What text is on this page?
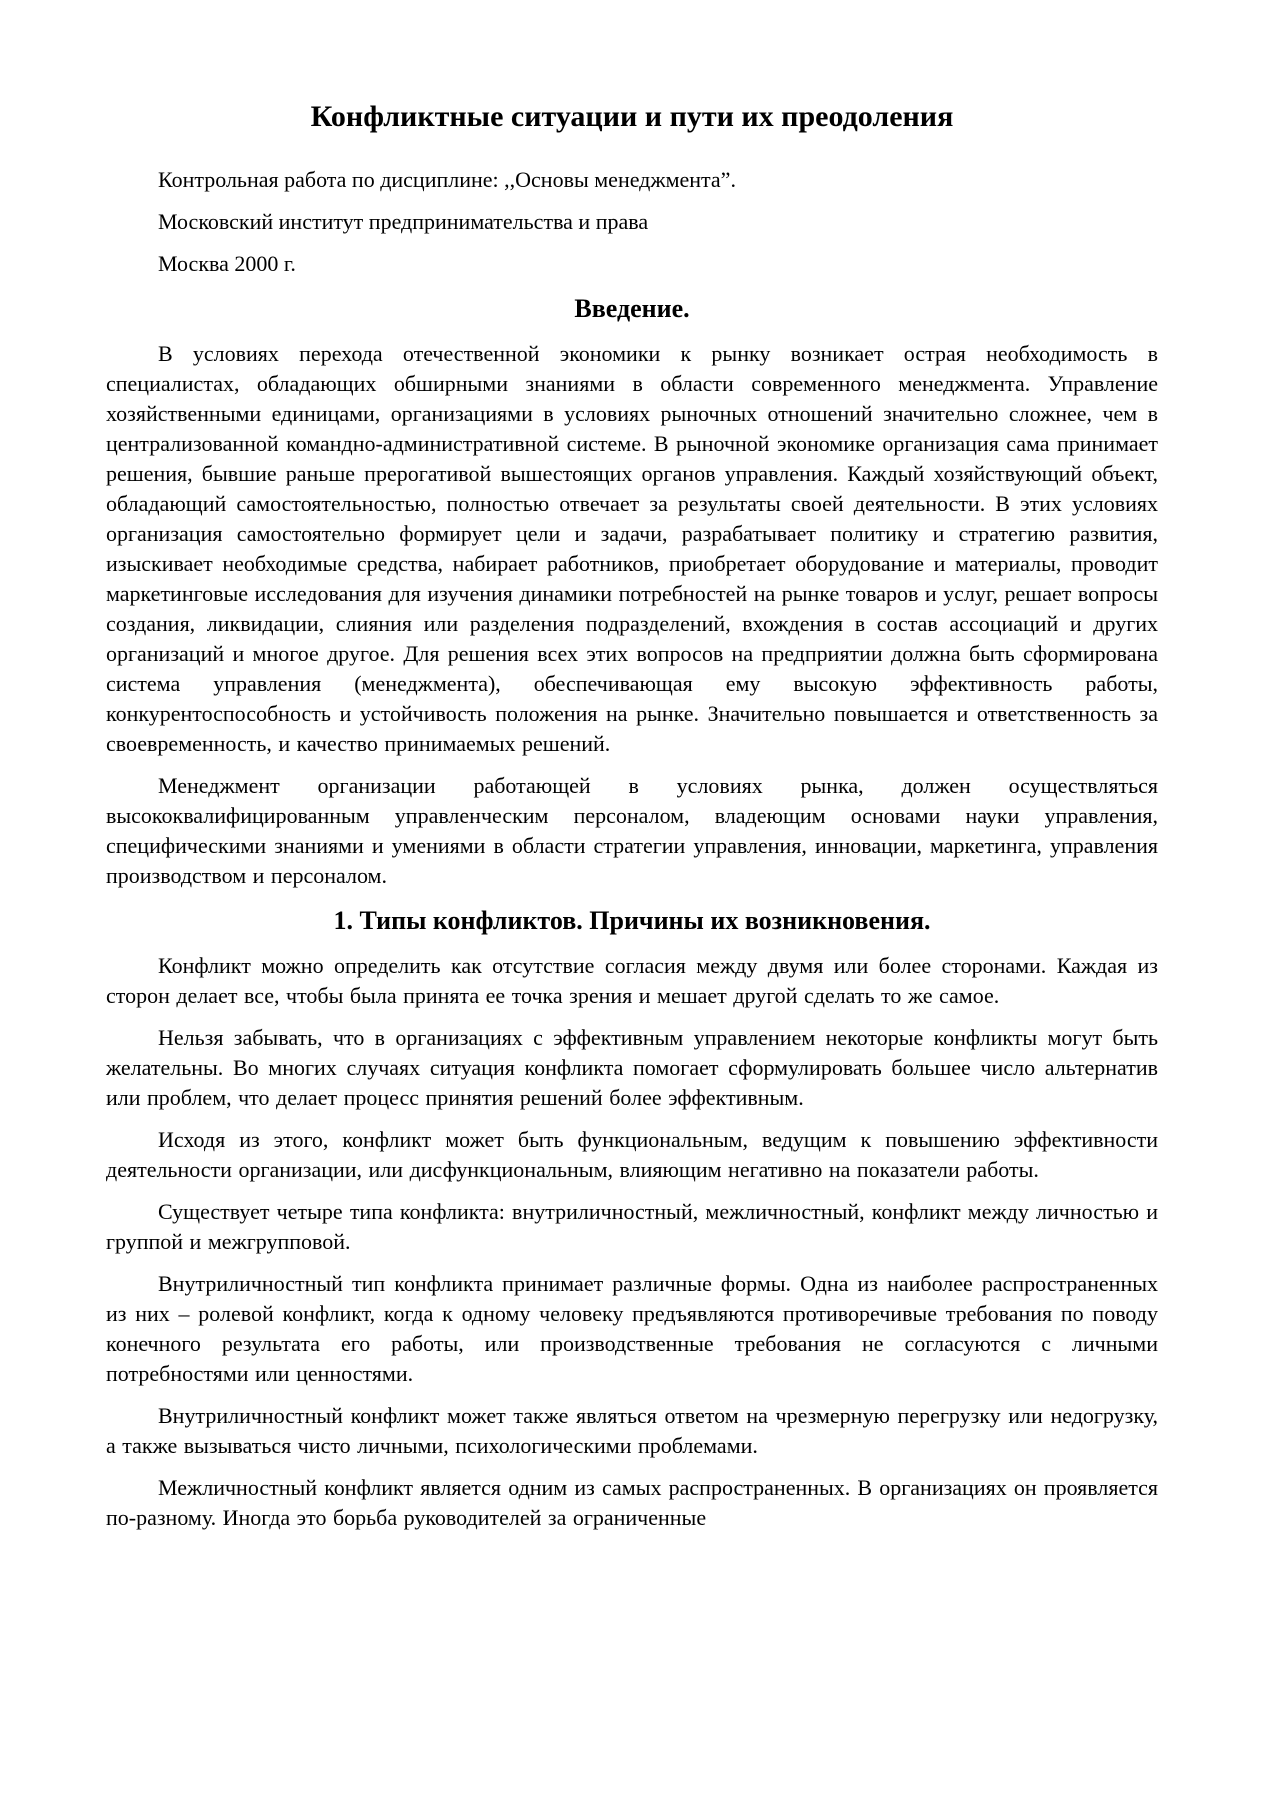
Конфликтные ситуации и пути их преодоления

Контрольная работа по дисциплине: ,,Основы менеджмента”.

Московский институт предпринимательства и права

Москва 2000 г.

Введение.

В условиях перехода отечественной экономики к рынку возникает острая необходимость в специалистах, обладающих обширными знаниями в области современного менеджмента. Управление хозяйственными единицами, организациями в условиях рыночных отношений значительно сложнее, чем в централизованной командно-административной системе. В рыночной экономике организация сама принимает решения, бывшие раньше прерогативой вышестоящих органов управления. Каждый хозяйствующий объект, обладающий самостоятельностью, полностью отвечает за результаты своей деятельности. В этих условиях организация самостоятельно формирует цели и задачи, разрабатывает политику и стратегию развития, изыскивает необходимые средства, набирает работников, приобретает оборудование и материалы, проводит маркетинговые исследования для изучения динамики потребностей на рынке товаров и услуг, решает вопросы создания, ликвидации, слияния или разделения подразделений, вхождения в состав ассоциаций и других организаций и многое другое. Для решения всех этих вопросов на предприятии должна быть сформирована система управления (менеджмента), обеспечивающая ему высокую эффективность работы, конкурентоспособность и устойчивость положения на рынке. Значительно повышается и ответственность за своевременность, и качество принимаемых решений.

Менеджмент организации работающей в условиях рынка, должен осуществляться высококвалифицированным управленческим персоналом, владеющим основами науки управления, специфическими знаниями и умениями в области стратегии управления, инновации, маркетинга, управления производством и персоналом.

1. Типы конфликтов. Причины их возникновения.

Конфликт можно определить как отсутствие согласия между двумя или более сторонами. Каждая из сторон делает все, чтобы была принята ее точка зрения и мешает другой сделать то же самое.

Нельзя забывать, что в организациях с эффективным управлением некоторые конфликты могут быть желательны. Во многих случаях ситуация конфликта помогает сформулировать большее число альтернатив или проблем, что делает процесс принятия решений более эффективным.

Исходя из этого, конфликт может быть функциональным, ведущим к повышению эффективности деятельности организации, или дисфункциональным, влияющим негативно на показатели работы.

Существует четыре типа конфликта: внутриличностный, межличностный, конфликт между личностью и группой и межгрупповой.

Внутриличностный тип конфликта принимает различные формы. Одна из наиболее распространенных из них – ролевой конфликт, когда к одному человеку предъявляются противоречивые требования по поводу конечного результата его работы, или производственные требования не согласуются с личными потребностями или ценностями.

Внутриличностный конфликт может также являться ответом на чрезмерную перегрузку или недогрузку, а также вызываться чисто личными, психологическими проблемами.

Межличностный конфликт является одним из самых распространенных. В организациях он проявляется по-разному. Иногда это борьба руководителей за ограниченные
